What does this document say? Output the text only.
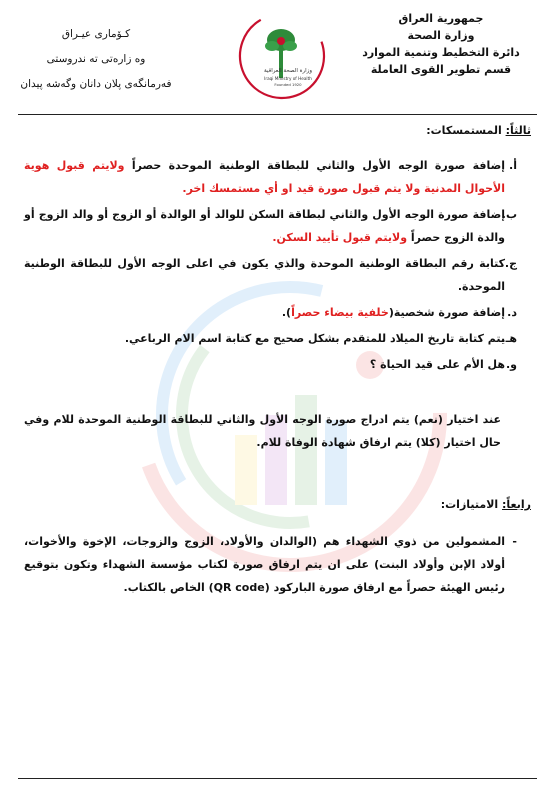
جمهورية العراق
وزارة الصحة
دائرة التخطيط وتنمية الموارد
قسم تطوير القوى العاملة
كـۆماری عیـراق
وه زاره‌تی ته ندروستی
فه‌رمانگه‌ی پلان دانان وگه‌شه پیدان
وزارة الصحة العراقية
Iraqi Ministry of Health
Founded 1920
ثالثاً: المستمسكات:
أ.
إضافة صورة الوجه الأول والثاني للبطاقة الوطنية الموحدة حصراً ولايتم قبول هوية الأحوال المدنية ولا يتم قبول صورة قيد او أي مستمسك اخر.
ب.
إضافة صورة الوجه الأول والثاني لبطاقة السكن للوالد أو الوالدة أو الزوج أو والد الزوج أو والدة الزوج حصراً ولايتم قبول تأييد السكن.
ج.
كتابة رقم البطاقة الوطنية الموحدة والذي يكون في اعلى الوجه الأول للبطاقة الوطنية الموحدة.
د.
إضافة صورة شخصية(خلفية بيضاء حصراً).
هـ.
يتم كتابة تاريخ الميلاد للمتقدم بشكل صحيح مع كتابة اسم الام الرباعي.
و.
هل الأم على قيد الحياة ؟
عند اختيار (نعم) يتم ادراج صورة الوجه الأول والثاني للبطاقة الوطنية الموحدة للام وفي حال اختيار (كلا) يتم ارفاق شهادة الوفاة للام.
رابعاً: الامتيازات:
-
المشمولين من ذوي الشهداء هم (الوالدان والأولاد، الزوج والزوجات، الإخوة والأخوات، أولاد الإبن وأولاد البنت) على ان يتم ارفاق صورة لكتاب مؤسسة الشهداء وتكون بتوقيع رئيس الهيئة حصراً مع ارفاق صورة الباركود (QR code) الخاص بالكتاب.
